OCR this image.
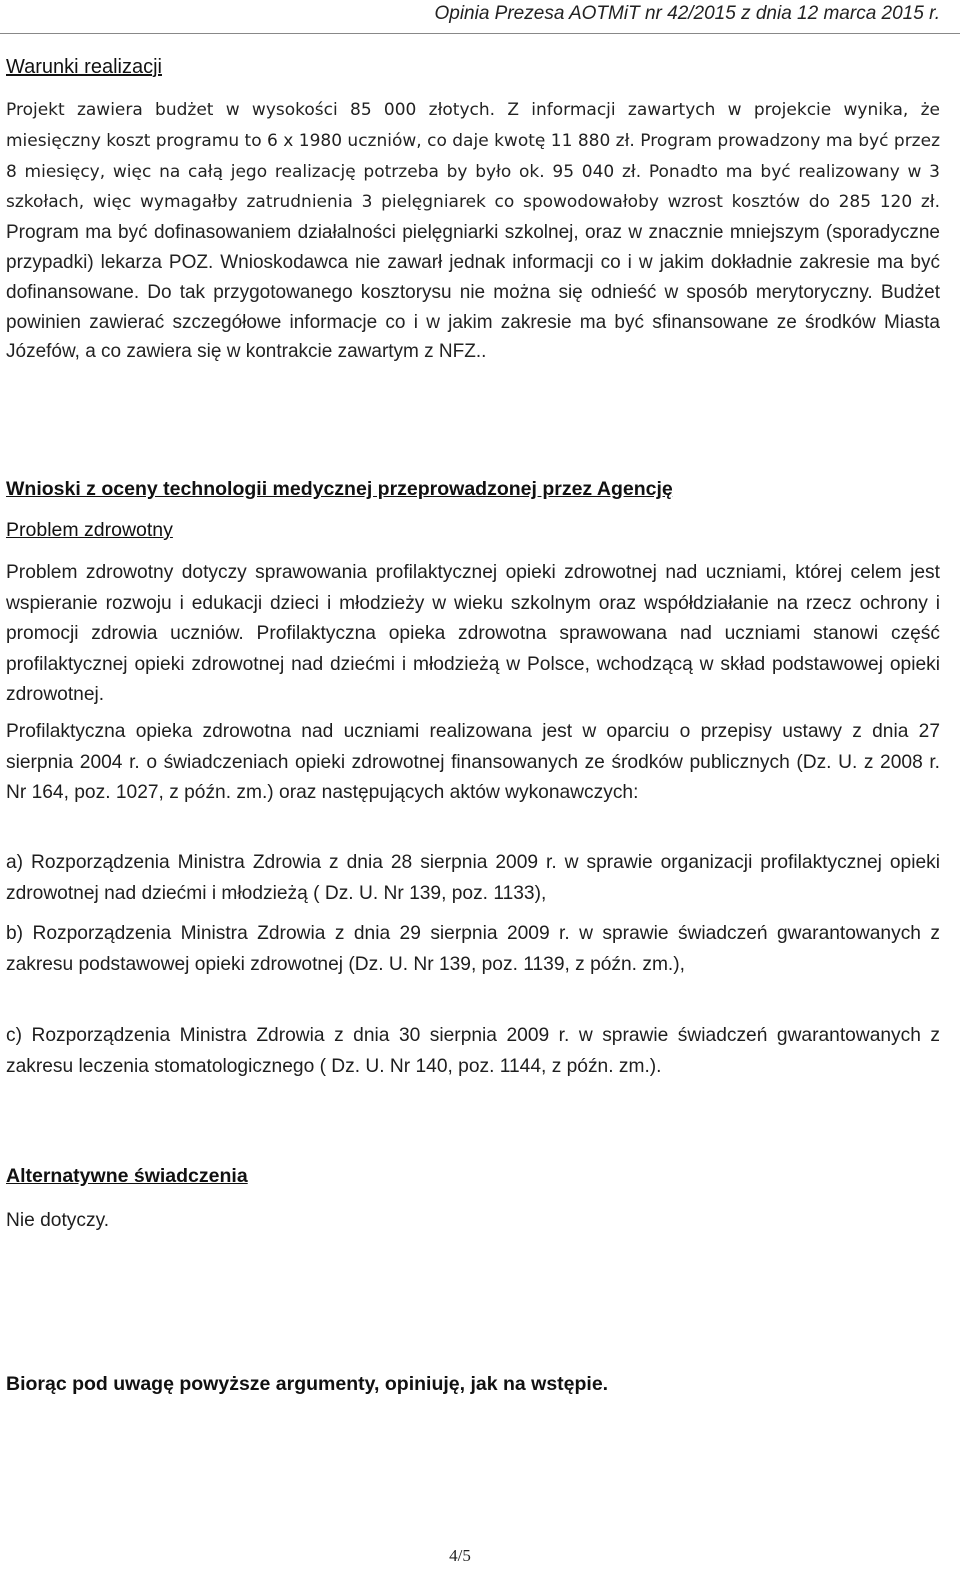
Opinia Prezesa AOTMiT nr 42/2015 z dnia 12 marca 2015 r.
Warunki realizacji

Projekt zawiera budżet w wysokości 85 000 złotych. Z informacji zawartych w projekcie wynika, że miesięczny koszt programu to 6 x 1980 uczniów, co daje kwotę 11 880 zł. Program prowadzony ma być przez 8 miesięcy, więc na całą jego realizację potrzeba by było ok. 95 040 zł. Ponadto ma być realizowany w 3 szkołach, więc wymagałby zatrudnienia 3 pielęgniarek co spowodowałoby wzrost kosztów do 285 120 zł. Program ma być dofinasowaniem działalności pielęgniarki szkolnej, oraz w znacznie mniejszym (sporadyczne przypadki) lekarza POZ. Wnioskodawca nie zawarł jednak informacji co i w jakim dokładnie zakresie ma być dofinansowane. Do tak przygotowanego kosztorysu nie można się odnieść w sposób merytoryczny. Budżet powinien zawierać szczegółowe informacje co i w jakim zakresie ma być sfinansowane ze środków Miasta Józefów, a co zawiera się w kontrakcie zawartym z NFZ..

Wnioski z oceny technologii medycznej przeprowadzonej przez Agencję
Problem zdrowotny

Problem zdrowotny dotyczy sprawowania profilaktycznej opieki zdrowotnej nad uczniami, której celem jest wspieranie rozwoju i edukacji dzieci i młodzieży w wieku szkolnym oraz współdziałanie na rzecz ochrony i promocji zdrowia uczniów. Profilaktyczna opieka zdrowotna sprawowana nad uczniami stanowi część profilaktycznej opieki zdrowotnej nad dziećmi i młodzieżą w Polsce, wchodzącą w skład podstawowej opieki zdrowotnej.

Profilaktyczna opieka zdrowotna nad uczniami realizowana jest w oparciu o przepisy ustawy z dnia 27 sierpnia 2004 r. o świadczeniach opieki zdrowotnej finansowanych ze środków publicznych (Dz. U. z 2008 r. Nr 164, poz. 1027, z późn. zm.) oraz następujących aktów wykonawczych:

a) Rozporządzenia Ministra Zdrowia z dnia 28 sierpnia 2009 r. w sprawie organizacji profilaktycznej opieki zdrowotnej nad dziećmi i młodzieżą ( Dz. U. Nr 139, poz. 1133),

b) Rozporządzenia Ministra Zdrowia z dnia 29 sierpnia 2009 r. w sprawie świadczeń gwarantowanych z zakresu podstawowej opieki zdrowotnej (Dz. U. Nr 139, poz. 1139, z późn. zm.),

c) Rozporządzenia Ministra Zdrowia z dnia 30 sierpnia 2009 r. w sprawie świadczeń gwarantowanych z zakresu leczenia stomatologicznego ( Dz. U. Nr 140, poz. 1144, z późn. zm.).

Alternatywne świadczenia
Nie dotyczy.
Biorąc pod uwagę powyższe argumenty, opiniuję, jak na wstępie.
4/5
